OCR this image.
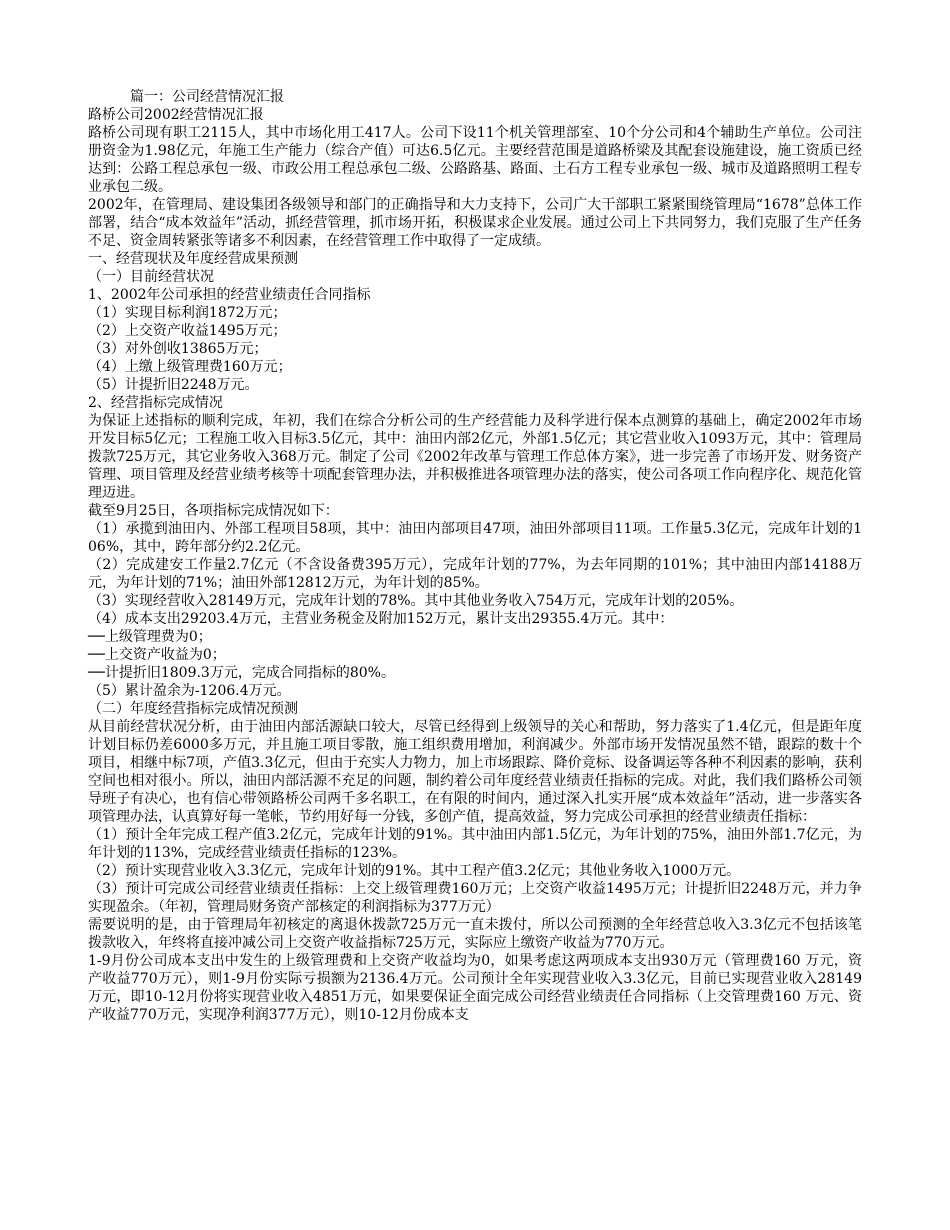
篇一：公司经营情况汇报

路桥公司2002经营情况汇报

路桥公司现有职工2115人，其中市场化用工417人。公司下设11个机关管理部室、10个分公司和4个辅助生产单位。公司注册资金为1.98亿元，年施工生产能力（综合产值）可达6.5亿元。主要经营范围是道路桥梁及其配套设施建设，施工资质已经达到：公路工程总承包一级、市政公用工程总承包二级、公路路基、路面、土石方工程专业承包一级、城市及道路照明工程专业承包二级。

2002年，在管理局、建设集团各级领导和部门的正确指导和大力支持下，公司广大干部职工紧紧围绕管理局“1678”总体工作部署，结合“成本效益年”活动，抓经营管理，抓市场开拓，积极谋求企业发展。通过公司上下共同努力，我们克服了生产任务不足、资金周转紧张等诸多不利因素，在经营管理工作中取得了一定成绩。

一、经营现状及年度经营成果预测

（一）目前经营状况

1、2002年公司承担的经营业绩责任合同指标

（1）实现目标利润1872万元；

（2）上交资产收益1495万元；

（3）对外创收13865万元；

（4）上缴上级管理费160万元；

（5）计提折旧2248万元。

2、经营指标完成情况

为保证上述指标的顺利完成，年初，我们在综合分析公司的生产经营能力及科学进行保本点测算的基础上，确定2002年市场开发目标5亿元；工程施工收入目标3.5亿元，其中：油田内部2亿元，外部1.5亿元；其它营业收入1093万元，其中：管理局拨款725万元，其它业务收入368万元。制定了公司《2002年改革与管理工作总体方案》，进一步完善了市场开发、财务资产管理、项目管理及经营业绩考核等十项配套管理办法，并积极推进各项管理办法的落实，使公司各项工作向程序化、规范化管理迈进。

截至9月25日，各项指标完成情况如下：

（1）承揽到油田内、外部工程项目58项，其中：油田内部项目47项，油田外部项目11项。工作量5.3亿元，完成年计划的106%，其中，跨年部分约2.2亿元。

（2）完成建安工作量2.7亿元（不含设备费395万元），完成年计划的77%，为去年同期的101%；其中油田内部14188万元，为年计划的71%；油田外部12812万元，为年计划的85%。

（3）实现经营收入28149万元，完成年计划的78%。其中其他业务收入754万元，完成年计划的205%。

（4）成本支出29203.4万元，主营业务税金及附加152万元，累计支出29355.4万元。其中：

──上级管理费为0；

──上交资产收益为0；

──计提折旧1809.3万元，完成合同指标的80%。

（5）累计盈余为-1206.4万元。

（二）年度经营指标完成情况预测

从目前经营状况分析，由于油田内部活源缺口较大，尽管已经得到上级领导的关心和帮助，努力落实了1.4亿元，但是距年度计划目标仍差6000多万元，并且施工项目零散，施工组织费用增加，利润减少。外部市场开发情况虽然不错，跟踪的数十个项目，相继中标7项，产值3.3亿元，但由于充实人力物力，加上市场跟踪、降价竞标、设备调运等各种不利因素的影响，获利空间也相对很小。所以，油田内部活源不充足的问题，制约着公司年度经营业绩责任指标的完成。对此，我们我们路桥公司领导班子有决心，也有信心带领路桥公司两千多名职工，在有限的时间内，通过深入扎实开展“成本效益年”活动，进一步落实各项管理办法，认真算好每一笔帐，节约用好每一分钱，多创产值，提高效益，努力完成公司承担的经营业绩责任指标：

（1）预计全年完成工程产值3.2亿元，完成年计划的91%。其中油田内部1.5亿元，为年计划的75%，油田外部1.7亿元，为年计划的113%，完成经营业绩责任指标的123%。

（2）预计实现营业收入3.3亿元，完成年计划的91%。其中工程产值3.2亿元；其他业务收入1000万元。

（3）预计可完成公司经营业绩责任指标：上交上级管理费160万元；上交资产收益1495万元；计提折旧2248万元，并力争实现盈余。（年初，管理局财务资产部核定的利润指标为377万元）

需要说明的是，由于管理局年初核定的离退休拨款725万元一直未拨付，所以公司预测的全年经营总收入3.3亿元不包括该笔拨款收入，年终将直接冲减公司上交资产收益指标725万元，实际应上缴资产收益为770万元。

1-9月份公司成本支出中发生的上级管理费和上交资产收益均为0，如果考虑这两项成本支出930万元（管理费160 万元，资产收益770万元），则1-9月份实际亏损额为2136.4万元。公司预计全年实现营业收入3.3亿元，目前已实现营业收入28149万元，即10-12月份将实现营业收入4851万元，如果要保证全面完成公司经营业绩责任合同指标（上交管理费160 万元、资产收益770万元，实现净利润377万元），则10-12月份成本支
